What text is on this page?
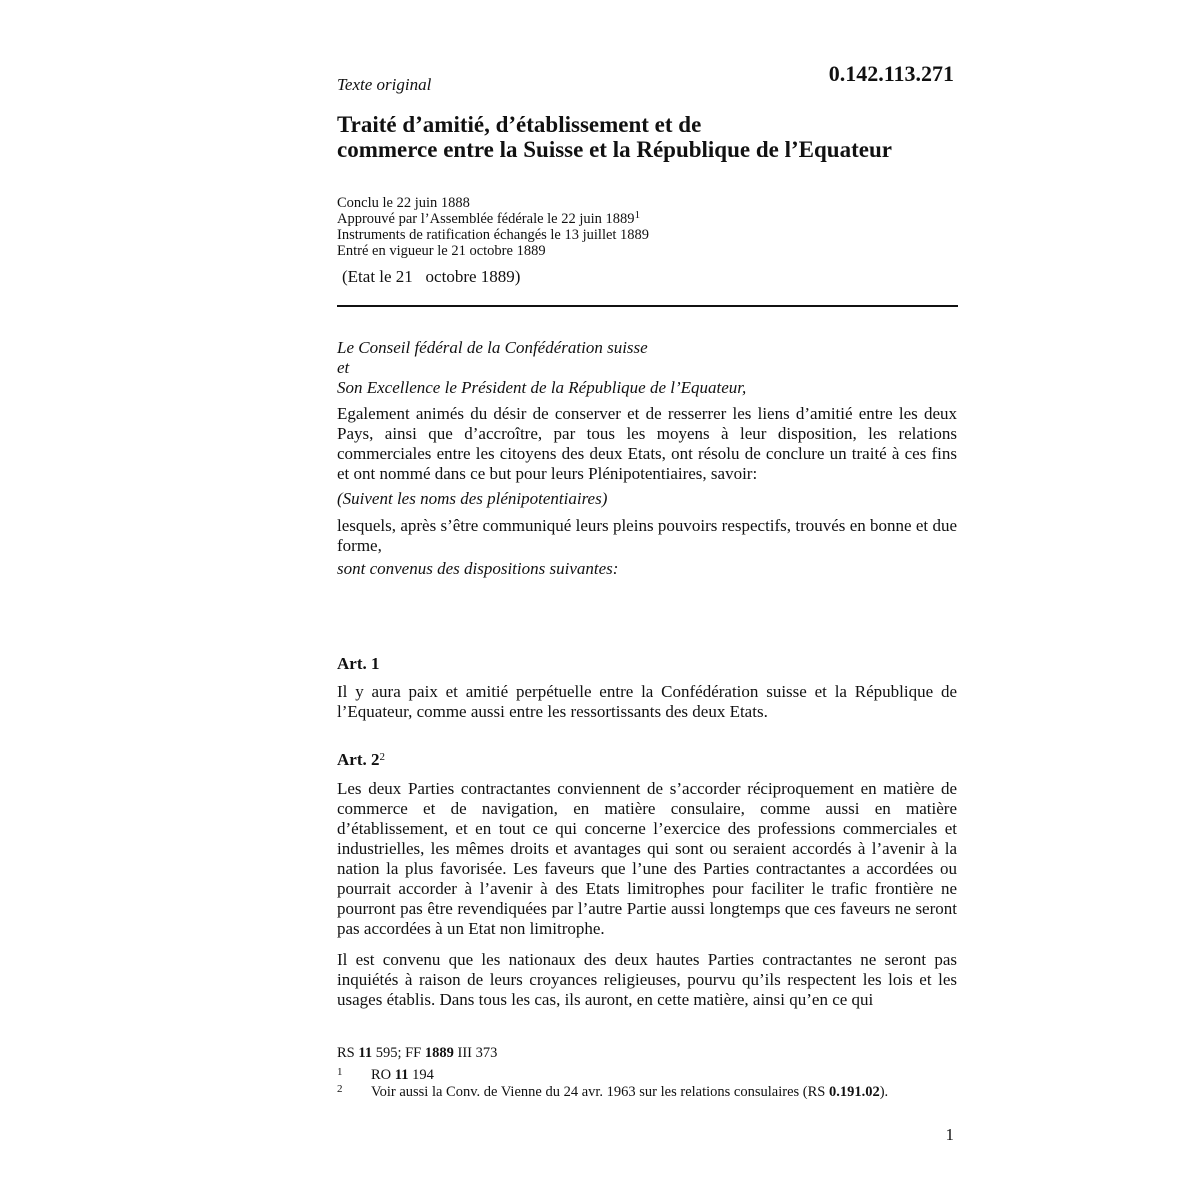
Texte original	0.142.113.271
Traité d’amitié, d’établissement et de
commerce entre la Suisse et la République de l’Equateur
Conclu le 22 juin 1888
Approuvé par l’Assemblée fédérale le 22 juin 1889$^1$
Instruments de ratification échangés le 13 juillet 1889
Entré en vigueur le 21 octobre 1889
(Etat le 21   octobre 1889)
Le Conseil fédéral de la Confédération suisse
et
Son Excellence le Président de la République de l’Equateur,
Egalement animés du désir de conserver et de resserrer les liens d’amitié entre les deux Pays, ainsi que d’accroître, par tous les moyens à leur disposition, les relations commerciales entre les citoyens des deux Etats, ont résolu de conclure un traité à ces fins et ont nommé dans ce but pour leurs Plénipotentiaires, savoir:
(Suivent les noms des plénipotentiaires)
lesquels, après s’être communiqué leurs pleins pouvoirs respectifs, trouvés en bonne et due forme,
sont convenus des dispositions suivantes:
Art. 1
Il y aura paix et amitié perpétuelle entre la Confédération suisse et la République de l’Equateur, comme aussi entre les ressortissants des deux Etats.
Art. $2^2$
Les deux Parties contractantes conviennent de s’accorder réciproquement en matière de commerce et de navigation, en matière consulaire, comme aussi en matière d’établissement, et en tout ce qui concerne l’exercice des professions commerciales et industrielles, les mêmes droits et avantages qui sont ou seraient accordés à l’avenir à la nation la plus favorisée. Les faveurs que l’une des Parties contractantes a accordées ou pourrait accorder à l’avenir à des Etats limitrophes pour faciliter le trafic frontière ne pourront pas être revendiquées par l’autre Partie aussi longtemps que ces faveurs ne seront pas accordées à un Etat non limitrophe.
Il est convenu que les nationaux des deux hautes Parties contractantes ne seront pas inquiétés à raison de leurs croyances religieuses, pourvu qu’ils respectent les lois et les usages établis. Dans tous les cas, ils auront, en cette matière, ainsi qu’en ce qui
RS 11 595; FF 1889 III 373
1 RO 11 194
2 Voir aussi la Conv. de Vienne du 24 avr. 1963 sur les relations consulaires (RS 0.191.02).
1
